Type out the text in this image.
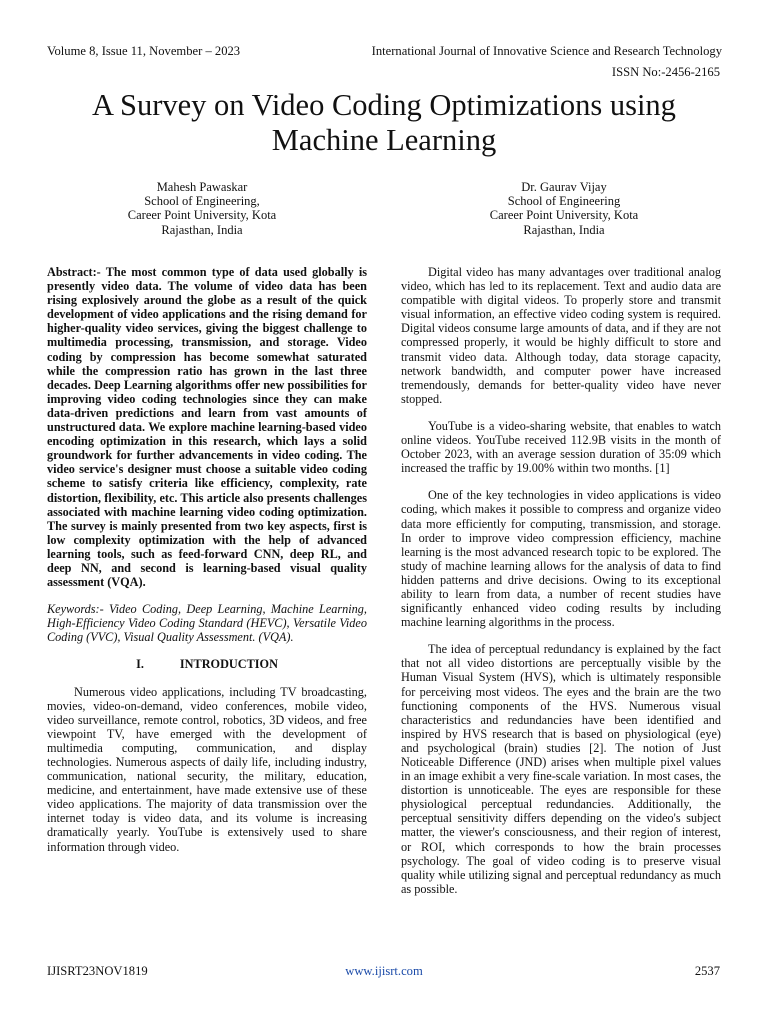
Volume 8, Issue 11, November – 2023	International Journal of Innovative Science and Research Technology
ISSN No:-2456-2165
A Survey on Video Coding Optimizations using Machine Learning
Mahesh Pawaskar
School of Engineering,
Career Point University, Kota
Rajasthan, India
Dr. Gaurav Vijay
School of Engineering
Career Point University, Kota
Rajasthan, India

Abstract:- The most common type of data used globally is presently video data. The volume of video data has been rising explosively around the globe as a result of the quick development of video applications and the rising demand for higher-quality video services, giving the biggest challenge to multimedia processing, transmission, and storage. Video coding by compression has become somewhat saturated while the compression ratio has grown in the last three decades. Deep Learning algorithms offer new possibilities for improving video coding technologies since they can make data-driven predictions and learn from vast amounts of unstructured data. We explore machine learning-based video encoding optimization in this research, which lays a solid groundwork for further advancements in video coding. The video service's designer must choose a suitable video coding scheme to satisfy criteria like efficiency, complexity, rate distortion, flexibility, etc. This article also presents challenges associated with machine learning video coding optimization. The survey is mainly presented from two key aspects, first is low complexity optimization with the help of advanced learning tools, such as feed-forward CNN, deep RL, and deep NN, and second is learning-based visual quality assessment (VQA).

Keywords:- Video Coding, Deep Learning, Machine Learning, High-Efficiency Video Coding Standard (HEVC), Versatile Video Coding (VVC), Visual Quality Assessment. (VQA).

I.	INTRODUCTION

Numerous video applications, including TV broadcasting, movies, video-on-demand, video conferences, mobile video, video surveillance, remote control, robotics, 3D videos, and free viewpoint TV, have emerged with the development of multimedia computing, communication, and display technologies. Numerous aspects of daily life, including industry, communication, national security, the military, education, medicine, and entertainment, have made extensive use of these video applications. The majority of data transmission over the internet today is video data, and its volume is increasing dramatically yearly. YouTube is extensively used to share information through video.

Digital video has many advantages over traditional analog video, which has led to its replacement. Text and audio data are compatible with digital videos. To properly store and transmit visual information, an effective video coding system is required. Digital videos consume large amounts of data, and if they are not compressed properly, it would be highly difficult to store and transmit video data. Although today, data storage capacity, network bandwidth, and computer power have increased tremendously, demands for better-quality video have never stopped.

YouTube is a video-sharing website, that enables to watch online videos. YouTube received 112.9B visits in the month of October 2023, with an average session duration of 35:09 which increased the traffic by 19.00% within two months. [1]

One of the key technologies in video applications is video coding, which makes it possible to compress and organize video data more efficiently for computing, transmission, and storage. In order to improve video compression efficiency, machine learning is the most advanced research topic to be explored. The study of machine learning allows for the analysis of data to find hidden patterns and drive decisions. Owing to its exceptional ability to learn from data, a number of recent studies have significantly enhanced video coding results by including machine learning algorithms in the process.

The idea of perceptual redundancy is explained by the fact that not all video distortions are perceptually visible by the Human Visual System (HVS), which is ultimately responsible for perceiving most videos. The eyes and the brain are the two functioning components of the HVS. Numerous visual characteristics and redundancies have been identified and inspired by HVS research that is based on physiological (eye) and psychological (brain) studies [2]. The notion of Just Noticeable Difference (JND) arises when multiple pixel values in an image exhibit a very fine-scale variation. In most cases, the distortion is unnoticeable. The eyes are responsible for these physiological perceptual redundancies. Additionally, the perceptual sensitivity differs depending on the video's subject matter, the viewer's consciousness, and their region of interest, or ROI, which corresponds to how the brain processes psychology. The goal of video coding is to preserve visual quality while utilizing signal and perceptual redundancy as much as possible.

IJISRT23NOV1819	www.ijisrt.com	2537
